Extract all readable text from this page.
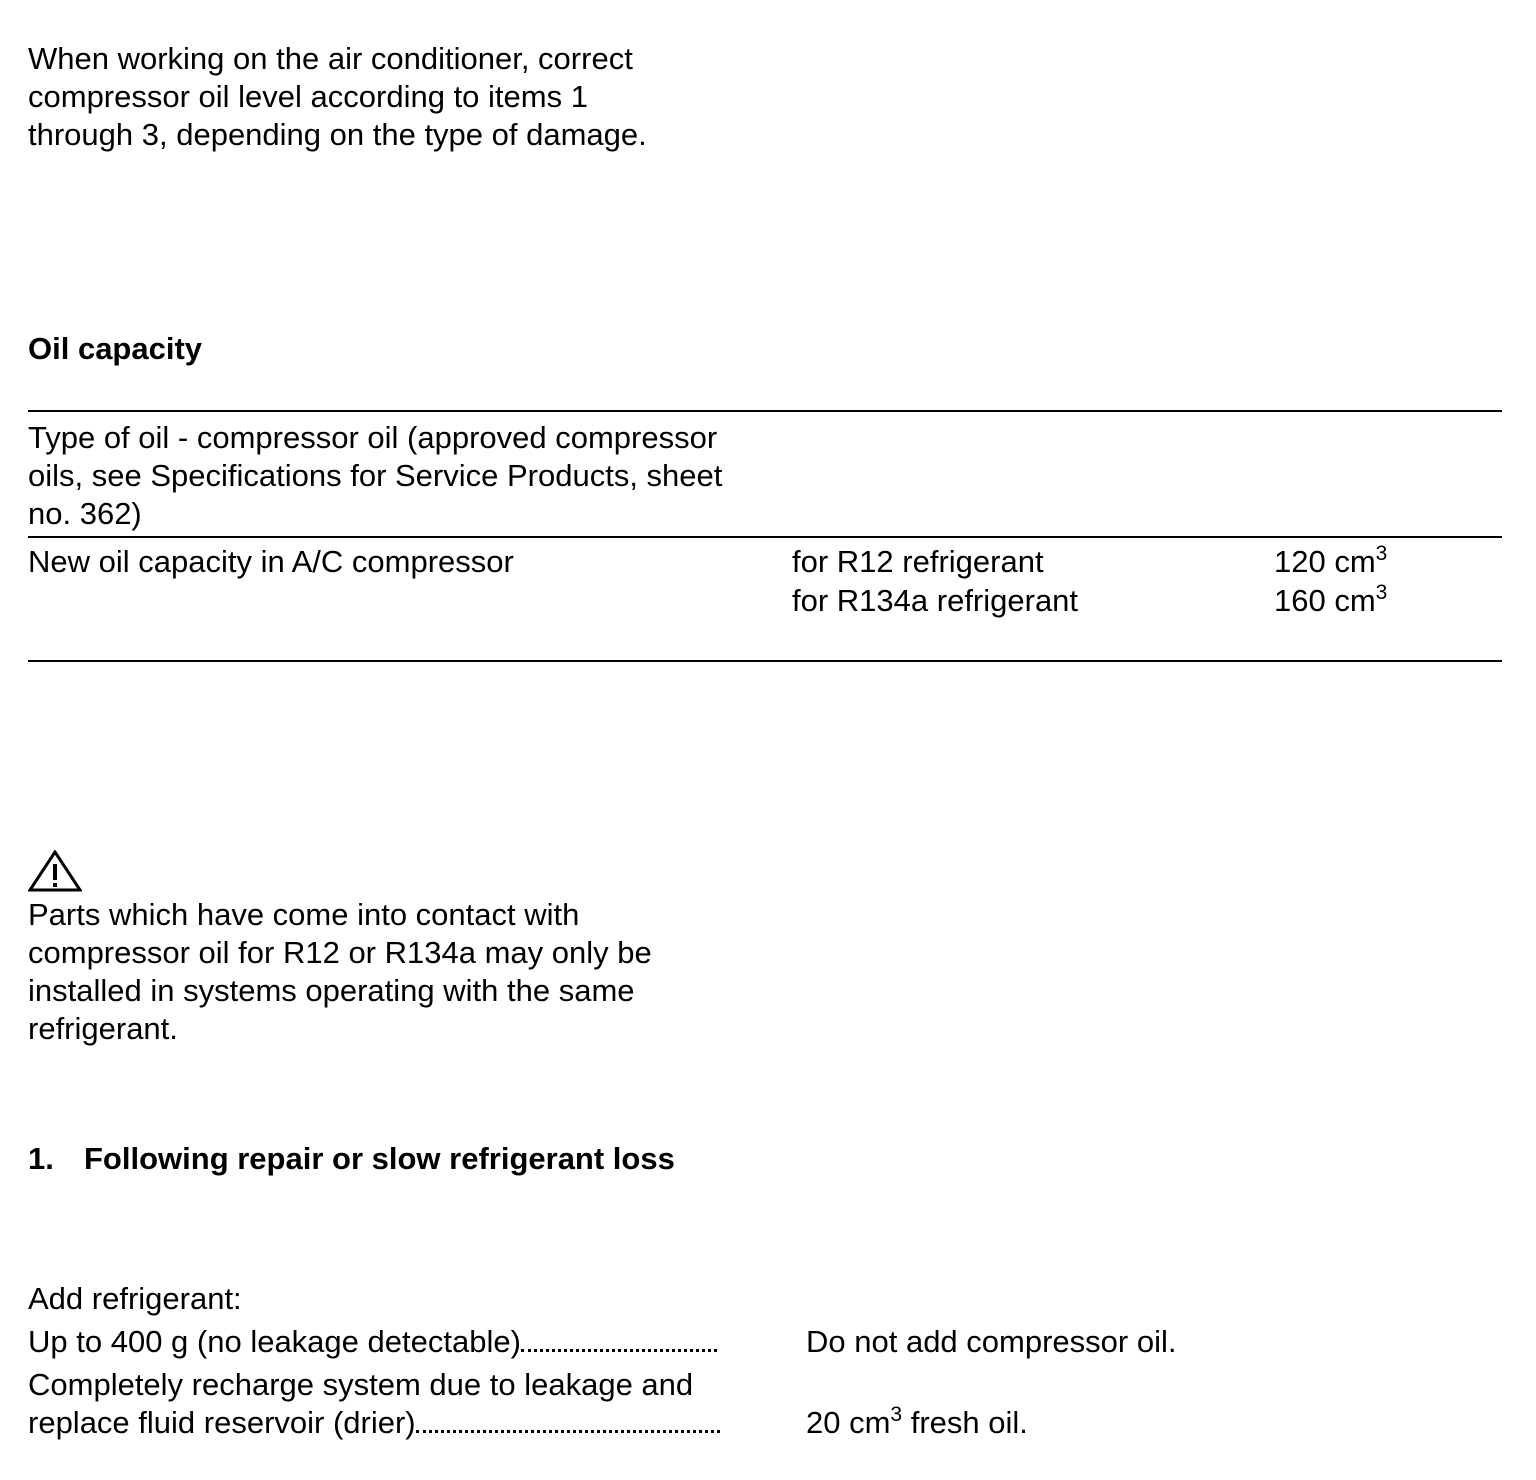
When working on the air conditioner, correct
compressor oil level according to items 1
through 3, depending on the type of damage.
Oil capacity
Type of oil - compressor oil (approved compressor
oils, see Specifications for Service Products, sheet
no. 362)
New oil capacity in A/C compressor	for R12 refrigerant	120 $cm^3$
for R134a refrigerant	160 $cm^3$
Parts which have come into contact with
compressor oil for R12 or R134a may only be
installed in systems operating with the same
refrigerant.
1. Following repair or slow refrigerant loss
Add refrigerant:
Up to 400 g (no leakage detectable)	Do not add compressor oil.
Completely recharge system due to leakage and
replace fluid reservoir (drier)	20 $cm^3$ fresh oil.
